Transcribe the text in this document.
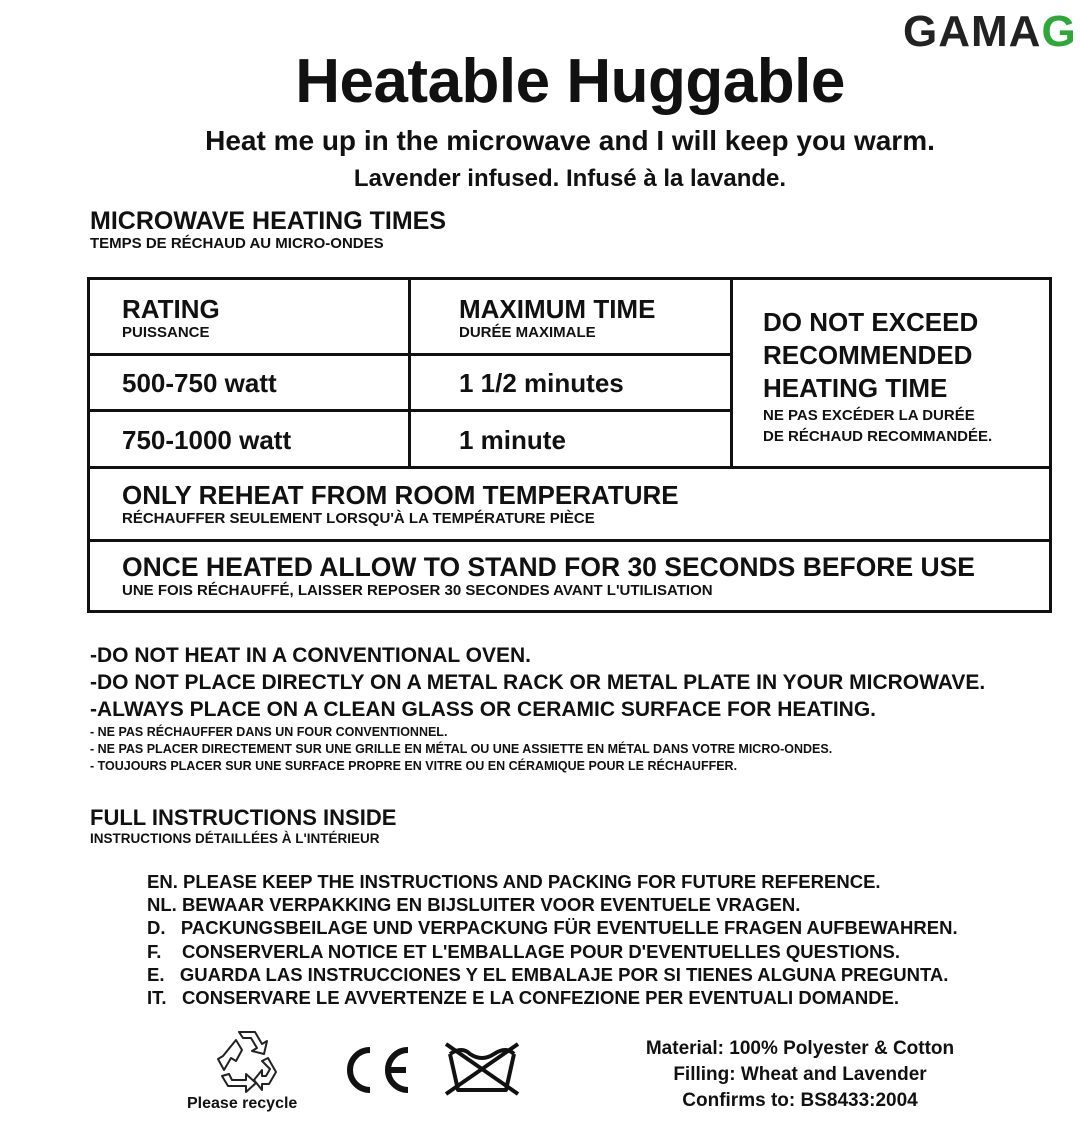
GAMAG
Heatable Huggable
Heat me up in the microwave and I will keep you warm.
Lavender infused. Infusé à la lavande.
MICROWAVE HEATING TIMES
TEMPS DE RÉCHAUD AU MICRO-ONDES
RATING
PUISSANCE
MAXIMUM TIME
DURÉE MAXIMALE
500-750 watt	1 1/2 minutes
750-1000 watt	1 minute
DO NOT EXCEED
RECOMMENDED
HEATING TIME
NE PAS EXCÉDER LA DURÉE
DE RÉCHAUD RECOMMANDÉE.
ONLY REHEAT FROM ROOM TEMPERATURE
RÉCHAUFFER SEULEMENT LORSQU'À LA TEMPÉRATURE PIÈCE
ONCE HEATED ALLOW TO STAND FOR 30 SECONDS BEFORE USE
UNE FOIS RÉCHAUFFÉ, LAISSER REPOSER 30 SECONDES AVANT L'UTILISATION
-DO NOT HEAT IN A CONVENTIONAL OVEN.
-DO NOT PLACE DIRECTLY ON A METAL RACK OR METAL PLATE IN YOUR MICROWAVE.
-ALWAYS PLACE ON A CLEAN GLASS OR CERAMIC SURFACE FOR HEATING.
- NE PAS RÉCHAUFFER DANS UN FOUR CONVENTIONNEL.
- NE PAS PLACER DIRECTEMENT SUR UNE GRILLE EN MÉTAL OU UNE ASSIETTE EN MÉTAL DANS VOTRE MICRO-ONDES.
- TOUJOURS PLACER SUR UNE SURFACE PROPRE EN VITRE OU EN CÉRAMIQUE POUR LE RÉCHAUFFER.
FULL INSTRUCTIONS INSIDE
INSTRUCTIONS DÉTAILLÉES À L'INTÉRIEUR
EN. PLEASE KEEP THE INSTRUCTIONS AND PACKING FOR FUTURE REFERENCE.
NL. BEWAAR VERPAKKING EN BIJSLUITER VOOR EVENTUELE VRAGEN.
D.   PACKUNGSBEILAGE UND VERPACKUNG FÜR EVENTUELLE FRAGEN AUFBEWAHREN.
F.    CONSERVERLA NOTICE ET L'EMBALLAGE POUR D'EVENTUELLES QUESTIONS.
E.   GUARDA LAS INSTRUCCIONES Y EL EMBALAJE POR SI TIENES ALGUNA PREGUNTA.
IT.   CONSERVARE LE AVVERTENZE E LA CONFEZIONE PER EVENTUALI DOMANDE.
Please recycle
Material: 100% Polyester & Cotton
Filling: Wheat and Lavender
Confirms to: BS8433:2004
